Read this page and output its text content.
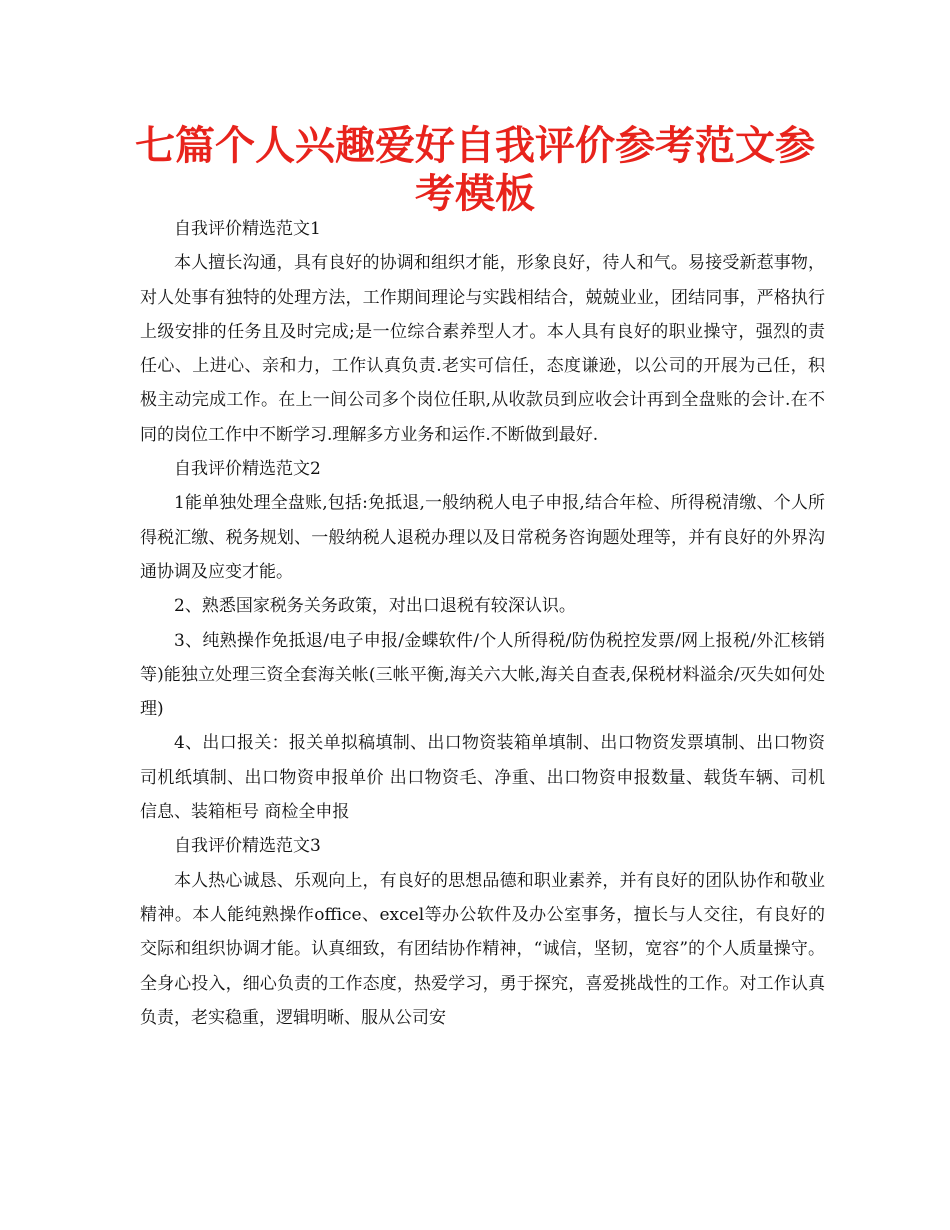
七篇个人兴趣爱好自我评价参考范文参考模板

自我评价精选范文1

本人擅长沟通，具有良好的协调和组织才能，形象良好，待人和气。易接受新惹事物，对人处事有独特的处理方法，工作期间理论与实践相结合，兢兢业业，团结同事，严格执行上级安排的任务且及时完成;是一位综合素养型人才。本人具有良好的职业操守，强烈的责任心、上进心、亲和力，工作认真负责.老实可信任，态度谦逊，以公司的开展为己任，积极主动完成工作。在上一间公司多个岗位任职,从收款员到应收会计再到全盘账的会计.在不同的岗位工作中不断学习.理解多方业务和运作.不断做到最好.

自我评价精选范文2

1能单独处理全盘账,包括:免抵退,一般纳税人电子申报,结合年检、所得税清缴、个人所得税汇缴、税务规划、一般纳税人退税办理以及日常税务咨询题处理等，并有良好的外界沟通协调及应变才能。

2、熟悉国家税务关务政策，对出口退税有较深认识。

3、纯熟操作免抵退/电子申报/金蝶软件/个人所得税/防伪税控发票/网上报税/外汇核销等)能独立处理三资全套海关帐(三帐平衡,海关六大帐,海关自查表,保税材料溢余/灭失如何处理)

4、出口报关：报关单拟稿填制、出口物资装箱单填制、出口物资发票填制、出口物资司机纸填制、出口物资申报单价 出口物资毛、净重、出口物资申报数量、载货车辆、司机信息、装箱柜号 商检全申报

自我评价精选范文3

本人热心诚恳、乐观向上，有良好的思想品德和职业素养，并有良好的团队协作和敬业精神。本人能纯熟操作office、excel等办公软件及办公室事务，擅长与人交往，有良好的交际和组织协调才能。认真细致，有团结协作精神，“诚信，坚韧，宽容”的个人质量操守。 全身心投入，细心负责的工作态度，热爱学习，勇于探究，喜爱挑战性的工作。对工作认真负责，老实稳重，逻辑明晰、服从公司安
